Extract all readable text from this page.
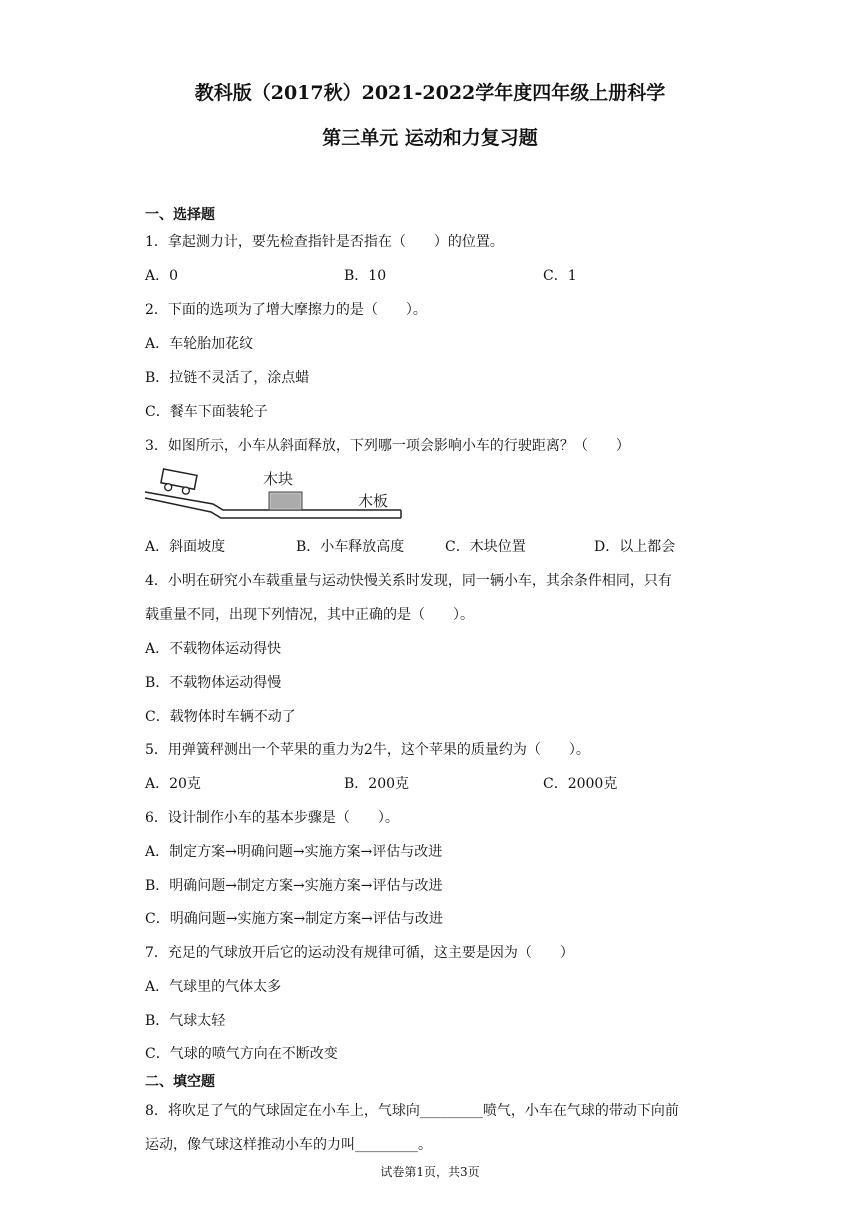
教科版（2017秋）2021-2022学年度四年级上册科学
第三单元 运动和力复习题
一、选择题
1．拿起测力计，要先检查指针是否指在（　　）的位置。
A．0	B．10	C．1
2．下面的选项为了增大摩擦力的是（　　）。
A．车轮胎加花纹
B．拉链不灵活了，涂点蜡
C．餐车下面装轮子
3．如图所示，小车从斜面释放，下列哪一项会影响小车的行驶距离？（　　）
木块
木板
A．斜面坡度	B．小车释放高度	C．木块位置	D．以上都会
4．小明在研究小车载重量与运动快慢关系时发现，同一辆小车，其余条件相同，只有
载重量不同，出现下列情况，其中正确的是（　　）。
A．不载物体运动得快
B．不载物体运动得慢
C．载物体时车辆不动了
5．用弹簧秤测出一个苹果的重力为2牛，这个苹果的质量约为（　　）。
A．20克	B．200克	C．2000克
6．设计制作小车的基本步骤是（　　）。
A．制定方案→明确问题→实施方案→评估与改进
B．明确问题→制定方案→实施方案→评估与改进
C．明确问题→实施方案→制定方案→评估与改进
7．充足的气球放开后它的运动没有规律可循，这主要是因为（　　）
A．气球里的气体太多
B．气球太轻
C．气球的喷气方向在不断改变
二、填空题
8．将吹足了气的气球固定在小车上，气球向_________喷气，小车在气球的带动下向前
运动，像气球这样推动小车的力叫_________。
试卷第1页，共3页
